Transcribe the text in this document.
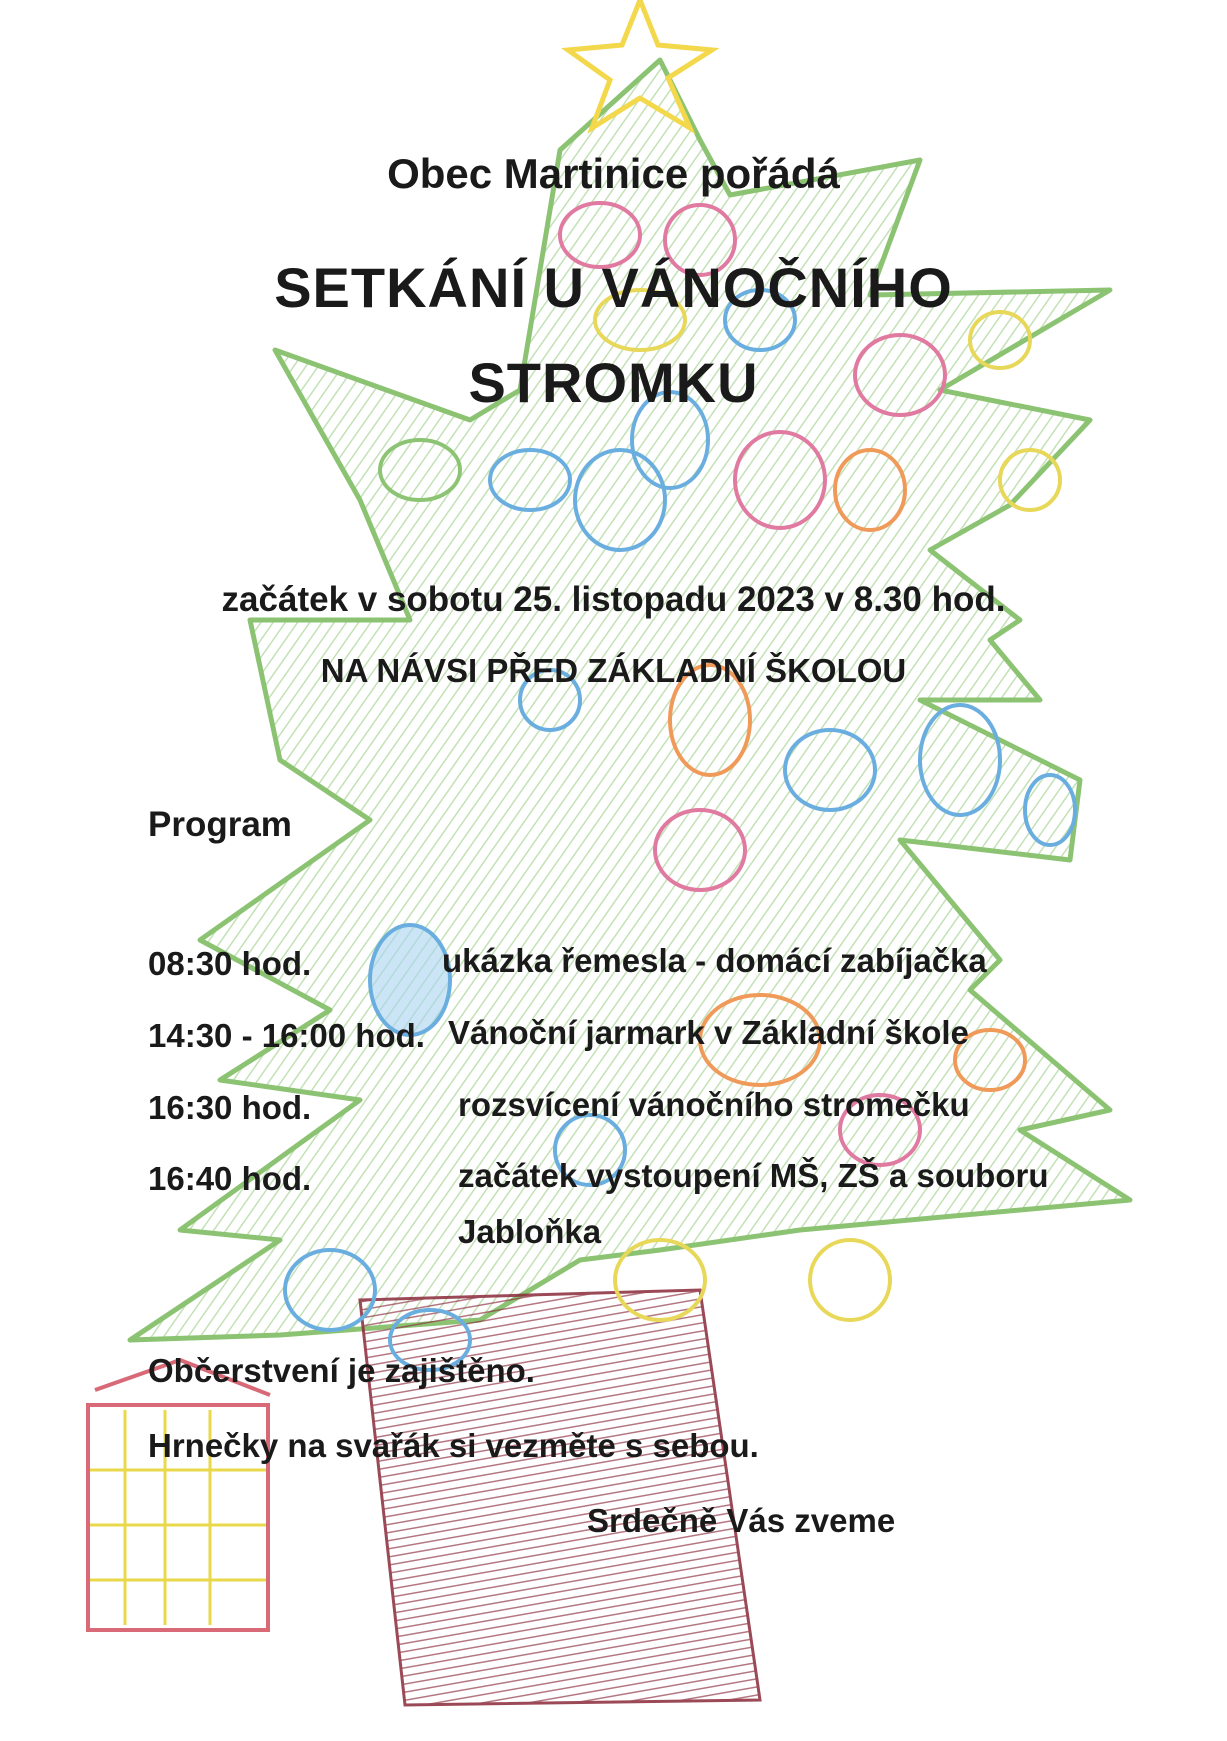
Obec Martinice pořádá
SETKÁNÍ U VÁNOČNÍHO
STROMKU
začátek v sobotu 25. listopadu 2023 v 8.30 hod.
NA NÁVSI PŘED ZÁKLADNÍ ŠKOLOU
Program
08:30 hod.	ukázka řemesla - domácí zabíjačka
14:30 - 16:00 hod. Vánoční jarmark v Základní škole
16:30 hod.	rozsvícení vánočního stromečku
16:40 hod.	začátek vystoupení MŠ, ZŠ a souboru
Jabloňka
Občerstvení je zajištěno.
Hrnečky na svařák si vezměte s sebou.
Srdečně Vás zveme
